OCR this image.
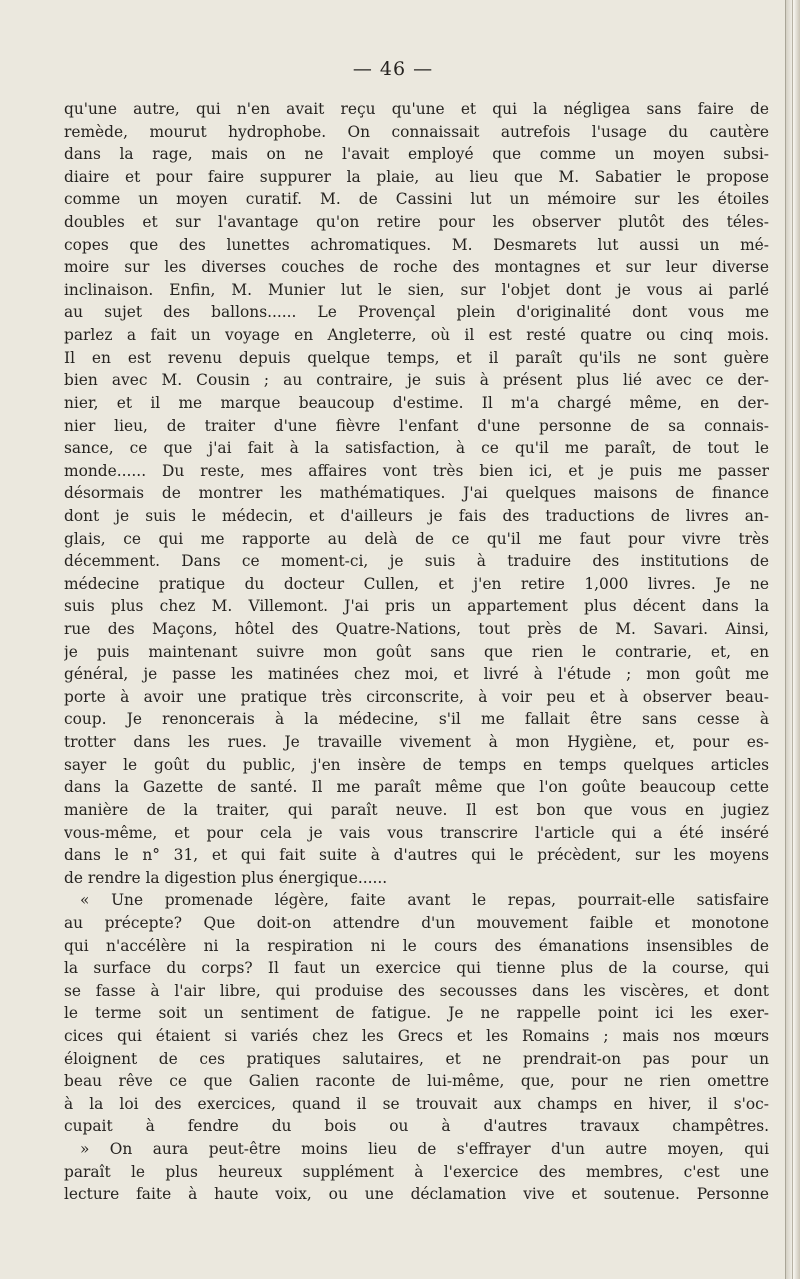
— 46 —
qu'une autre, qui n'en avait reçu qu'une et qui la négligea sans faire de
remède, mourut hydrophobe. On connaissait autrefois l'usage du cautère
dans la rage, mais on ne l'avait employé que comme un moyen subsi-
diaire et pour faire suppurer la plaie, au lieu que M. Sabatier le propose
comme un moyen curatif. M. de Cassini lut un mémoire sur les étoiles
doubles et sur l'avantage qu'on retire pour les observer plutôt des téles-
copes que des lunettes achromatiques. M. Desmarets lut aussi un mé-
moire sur les diverses couches de roche des montagnes et sur leur diverse
inclinaison. Enfin, M. Munier lut le sien, sur l'objet dont je vous ai parlé
au sujet des ballons...... Le Provençal plein d'originalité dont vous me
parlez a fait un voyage en Angleterre, où il est resté quatre ou cinq mois.
Il en est revenu depuis quelque temps, et il paraît qu'ils ne sont guère
bien avec M. Cousin ; au contraire, je suis à présent plus lié avec ce der-
nier, et il me marque beaucoup d'estime. Il m'a chargé même, en der-
nier lieu, de traiter d'une fièvre l'enfant d'une personne de sa connais-
sance, ce que j'ai fait à la satisfaction, à ce qu'il me paraît, de tout le
monde...... Du reste, mes affaires vont très bien ici, et je puis me passer
désormais de montrer les mathématiques. J'ai quelques maisons de finance
dont je suis le médecin, et d'ailleurs je fais des traductions de livres an-
glais, ce qui me rapporte au delà de ce qu'il me faut pour vivre très
décemment. Dans ce moment-ci, je suis à traduire des institutions de
médecine pratique du docteur Cullen, et j'en retire 1,000 livres. Je ne
suis plus chez M. Villemont. J'ai pris un appartement plus décent dans la
rue des Maçons, hôtel des Quatre-Nations, tout près de M. Savari. Ainsi,
je puis maintenant suivre mon goût sans que rien le contrarie, et, en
général, je passe les matinées chez moi, et livré à l'étude ; mon goût me
porte à avoir une pratique très circonscrite, à voir peu et à observer beau-
coup. Je renoncerais à la médecine, s'il me fallait être sans cesse à
trotter dans les rues. Je travaille vivement à mon Hygiène, et, pour es-
sayer le goût du public, j'en insère de temps en temps quelques articles
dans la Gazette de santé. Il me paraît même que l'on goûte beaucoup cette
manière de la traiter, qui paraît neuve. Il est bon que vous en jugiez
vous-même, et pour cela je vais vous transcrire l'article qui a été inséré
dans le n° 31, et qui fait suite à d'autres qui le précèdent, sur les moyens
de rendre la digestion plus énergique......
« Une promenade légère, faite avant le repas, pourrait-elle satisfaire
au précepte? Que doit-on attendre d'un mouvement faible et monotone
qui n'accélère ni la respiration ni le cours des émanations insensibles de
la surface du corps? Il faut un exercice qui tienne plus de la course, qui
se fasse à l'air libre, qui produise des secousses dans les viscères, et dont
le terme soit un sentiment de fatigue. Je ne rappelle point ici les exer-
cices qui étaient si variés chez les Grecs et les Romains ; mais nos mœurs
éloignent de ces pratiques salutaires, et ne prendrait-on pas pour un
beau rêve ce que Galien raconte de lui-même, que, pour ne rien omettre
à la loi des exercices, quand il se trouvait aux champs en hiver, il s'oc-
cupait à fendre du bois ou à d'autres travaux champêtres.
» On aura peut-être moins lieu de s'effrayer d'un autre moyen, qui
paraît le plus heureux supplément à l'exercice des membres, c'est une
lecture faite à haute voix, ou une déclamation vive et soutenue. Personne
